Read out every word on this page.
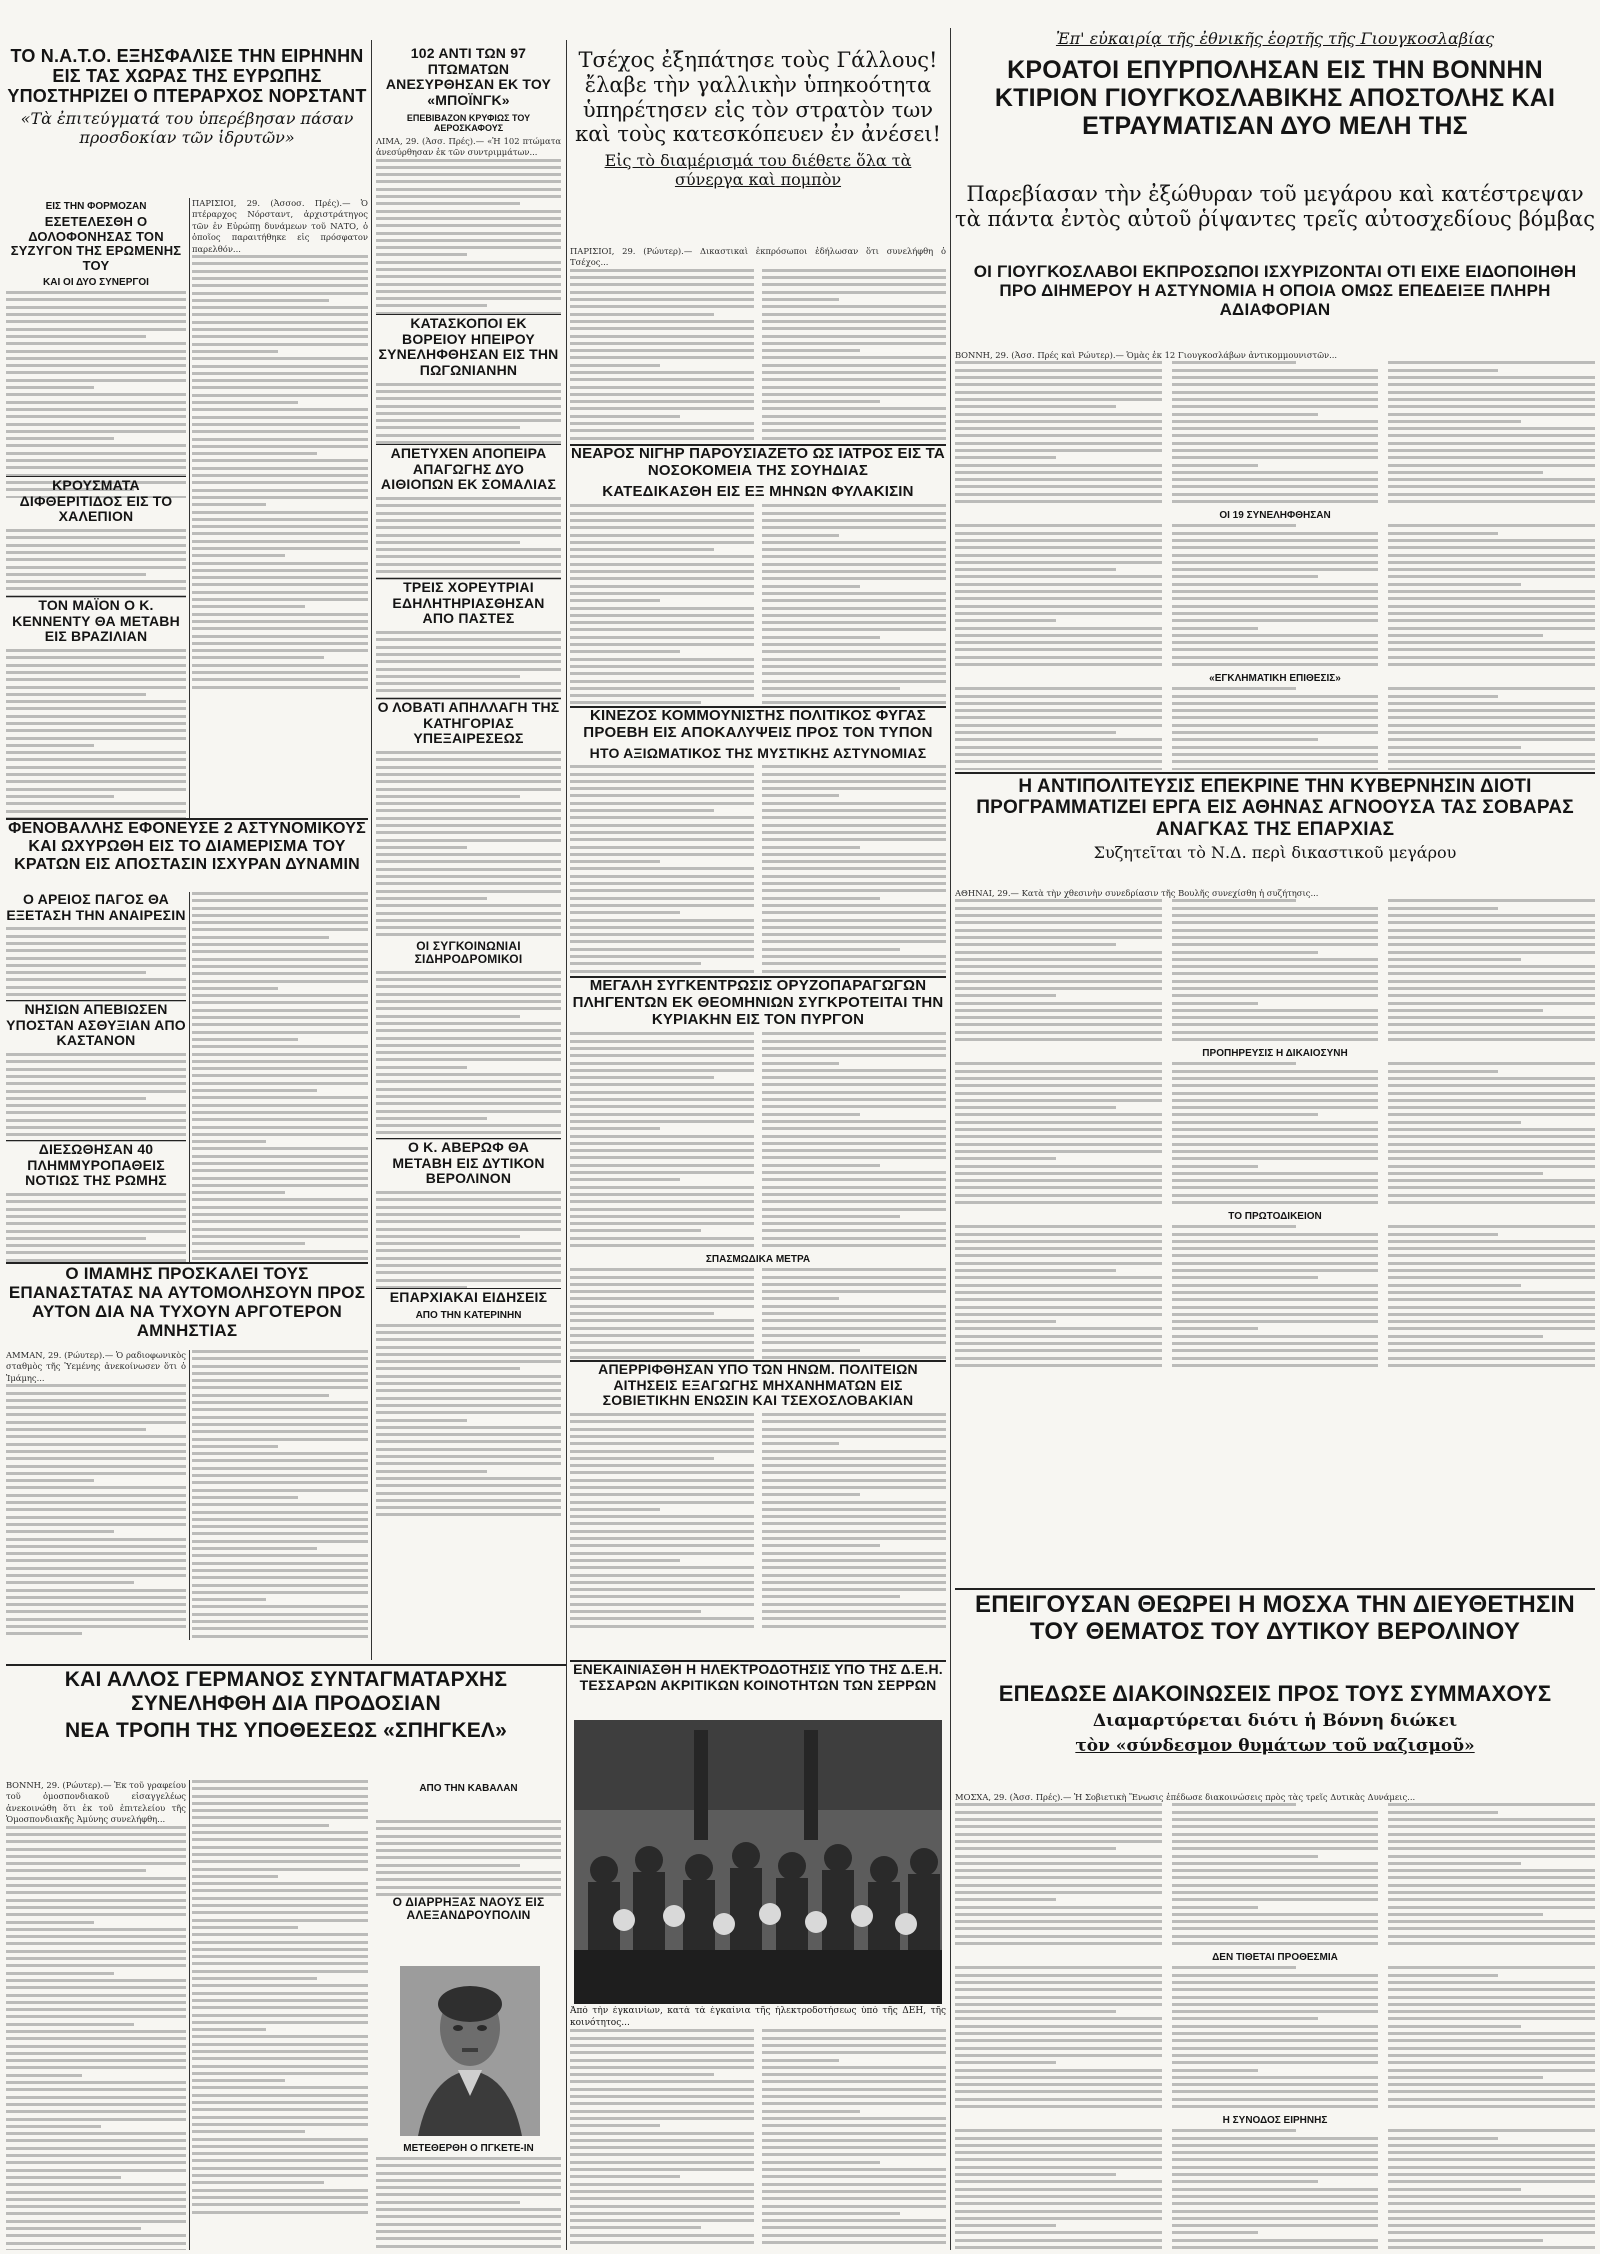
ΤΟ Ν.Α.Τ.Ο. ΕΞΗΣΦΑΛΙΣΕ ΤΗΝ ΕΙΡΗΝΗΝ ΕΙΣ ΤΑΣ ΧΩΡΑΣ ΤΗΣ ΕΥΡΩΠΗΣ ΥΠΟΣΤΗΡΙΖΕΙ Ο ΠΤΕΡΑΡΧΟΣ ΝΟΡΣΤΑΝΤ
«Τὰ ἐπιτεύγματά του ὑπερέβησαν πάσαν προσδοκίαν τῶν ἱδρυτῶν»
ΕΙΣ ΤΗΝ ΦΟΡΜΟΖΑΝ
ΕΣΕΤΕΛΕΣΘΗ Ο ΔΟΛΟΦΟΝΗΣΑΣ ΤΟΝ ΣΥΖΥΓΟΝ ΤΗΣ ΕΡΩΜΕΝΗΣ ΤΟΥ
ΚΑΙ ΟΙ ΔΥΟ ΣΥΝΕΡΓΟΙ
ΠΑΡΙΣΙΟΙ, 29. (Ἀσσοσ. Πρές).— Ὁ πτέραρχος Νόρσταντ, ἀρχιστράτηγος τῶν ἐν Εὐρώπῃ δυνάμεων τοῦ ΝΑΤΟ, ὁ ὁποῖος παραιτήθηκε εἰς πρόσφατον παρελθόν...
ΚΡΟΥΣΜΑΤΑ ΔΙΦΘΕΡΙΤΙΔΟΣ ΕΙΣ ΤΟ ΧΑΛΕΠΙΟΝ
ΤΟΝ ΜΑΪΟΝ Ο Κ. ΚΕΝΝΕΝΤΥ ΘΑ ΜΕΤΑΒΗ ΕΙΣ ΒΡΑΖΙΛΙΑΝ
ΦΕΝΟΒΑΛΛΗΣ ΕΦΟΝΕΥΣΕ 2 ΑΣΤΥΝΟΜΙΚΟΥΣ ΚΑΙ ΩΧΥΡΩΘΗ ΕΙΣ ΤΟ ΔΙΑΜΕΡΙΣΜΑ ΤΟΥ ΚΡΑΤΩΝ ΕΙΣ ΑΠΟΣΤΑΣΙΝ ΙΣΧΥΡΑΝ ΔΥΝΑΜΙΝ
Ο ΑΡΕΙΟΣ ΠΑΓΟΣ ΘΑ ΕΞΕΤΑΣΗ ΤΗΝ ΑΝΑΙΡΕΣΙΝ
ΝΗΣΙΩΝ ΑΠΕΒΙΩΣΕΝ ΥΠΟΣΤΑΝ ΑΣΘΥΞΙΑΝ ΑΠΟ ΚΑΣΤΑΝΟΝ
ΔΙΕΣΩΘΗΣΑΝ 40 ΠΛΗΜΜΥΡΟΠΑΘΕΙΣ ΝΟΤΙΩΣ ΤΗΣ ΡΩΜΗΣ
Ο ΙΜΑΜΗΣ ΠΡΟΣΚΑΛΕΙ ΤΟΥΣ ΕΠΑΝΑΣΤΑΤΑΣ ΝΑ ΑΥΤΟΜΟΛΗΣΟΥΝ ΠΡΟΣ ΑΥΤΟΝ ΔΙΑ ΝΑ ΤΥΧΟΥΝ ΑΡΓΟΤΕΡΟΝ ΑΜΝΗΣΤΙΑΣ
ΑΜΜΑΝ, 29. (Ρώυτερ).— Ὁ ραδιοφωνικὸς σταθμὸς τῆς Ὑεμένης ἀνεκοίνωσεν ὅτι ὁ Ἰμάμης...
ΚΑΙ ΑΛΛΟΣ ΓΕΡΜΑΝΟΣ ΣΥΝΤΑΓΜΑΤΑΡΧΗΣ ΣΥΝΕΛΗΦΘΗ ΔΙΑ ΠΡΟΔΟΣΙΑΝ
ΝΕΑ ΤΡΟΠΗ ΤΗΣ ΥΠΟΘΕΣΕΩΣ «ΣΠΗΓΚΕΛ»
ΒΟΝΝΗ, 29. (Ρώυτερ).— Ἐκ τοῦ γραφείου τοῦ ὁμοσπονδιακοῦ εἰσαγγελέως ἀνεκοινώθη ὅτι ἐκ τοῦ ἐπιτελείου τῆς Ὁμοσπονδιακῆς Ἀμύνης συνελήφθη...
102 ΑΝΤΙ ΤΩΝ 97 ΠΤΩΜΑΤΩΝ ΑΝΕΣΥΡΘΗΣΑΝ ΕΚ ΤΟΥ «ΜΠΟΪΝΓΚ»
ΕΠΕΒΙΒΑΖΟΝ ΚΡΥΦΙΩΣ ΤΟΥ ΑΕΡΟΣΚΑΦΟΥΣ
ΛΙΜΑ, 29. (Ἀσσ. Πρές).— «Ἡ 102 πτώματα ἀνεσύρθησαν ἐκ τῶν συντριμμάτων...
ΚΑΤΑΣΚΟΠΟΙ ΕΚ ΒΟΡΕΙΟΥ ΗΠΕΙΡΟΥ ΣΥΝΕΛΗΦΘΗΣΑΝ ΕΙΣ ΤΗΝ ΠΩΓΩΝΙΑΝΗΝ
ΑΠΕΤΥΧΕΝ ΑΠΟΠΕΙΡΑ ΑΠΑΓΩΓΗΣ ΔΥΟ ΑΙΘΙΟΠΩΝ ΕΚ ΣΟΜΑΛΙΑΣ
ΤΡΕΙΣ ΧΟΡΕΥΤΡΙΑΙ ΕΔΗΛΗΤΗΡΙΑΣΘΗΣΑΝ ΑΠΟ ΠΑΣΤΕΣ
Ο ΛΟΒΑΤΙ ΑΠΗΛΛΑΓΗ ΤΗΣ ΚΑΤΗΓΟΡΙΑΣ ΥΠΕΞΑΙΡΕΣΕΩΣ
ΟΙ ΣΥΓΚΟΙΝΩΝΙΑΙ ΣΙΔΗΡΟΔΡΟΜΙΚΟΙ
Ο Κ. ΑΒΕΡΩΦ ΘΑ ΜΕΤΑΒΗ ΕΙΣ ΔΥΤΙΚΟΝ ΒΕΡΟΛΙΝΟΝ
ΕΠΑΡΧΙΑΚΑΙ ΕΙΔΗΣΕΙΣ
ΑΠΟ ΤΗΝ ΚΑΤΕΡΙΝΗΝ
ΑΠΟ ΤΗΝ ΚΑΒΑΛΑΝ
Ο ΔΙΑΡΡΗΞΑΣ ΝΑΟΥΣ ΕΙΣ ΑΛΕΞΑΝΔΡΟΥΠΟΛΙΝ
ΜΕΤΕΘΕΡΘΗ Ο ΠΓΚΕΤΕ-ΙΝ
Τσέχος ἐξηπάτησε τοὺς Γάλλους! ἔλαβε τὴν γαλλικὴν ὑπηκοότητα ὑπηρέτησεν εἰς τὸν στρατὸν των καὶ τοὺς κατεσκόπευεν ἐν ἀνέσει!
Εἰς τὸ διαμέρισμά του διέθετε ὅλα τὰ σύνεργα καὶ πομπὸν
ΠΑΡΙΣΙΟΙ, 29. (Ρώυτερ).— Δικαστικαὶ ἐκπρόσωποι ἐδήλωσαν ὅτι συνελήφθη ὁ Τσέχος...
ΝΕΑΡΟΣ ΝΙΓΗΡ ΠΑΡΟΥΣΙΑΖΕΤΟ ΩΣ ΙΑΤΡΟΣ ΕΙΣ ΤΑ ΝΟΣΟΚΟΜΕΙΑ ΤΗΣ ΣΟΥΗΔΙΑΣ
ΚΑΤΕΔΙΚΑΣΘΗ ΕΙΣ ΕΞ ΜΗΝΩΝ ΦΥΛΑΚΙΣΙΝ
ΚΙΝΕΖΟΣ ΚΟΜΜΟΥΝΙΣΤΗΣ ΠΟΛΙΤΙΚΟΣ ΦΥΓΑΣ ΠΡΟΕΒΗ ΕΙΣ ΑΠΟΚΑΛΥΨΕΙΣ ΠΡΟΣ ΤΟΝ ΤΥΠΟΝ
ΗΤΟ ΑΞΙΩΜΑΤΙΚΟΣ ΤΗΣ ΜΥΣΤΙΚΗΣ ΑΣΤΥΝΟΜΙΑΣ
ΜΕΓΑΛΗ ΣΥΓΚΕΝΤΡΩΣΙΣ ΟΡΥΖΟΠΑΡΑΓΩΓΩΝ ΠΛΗΓΕΝΤΩΝ ΕΚ ΘΕΟΜΗΝΙΩΝ ΣΥΓΚΡΟΤΕΙΤΑΙ ΤΗΝ ΚΥΡΙΑΚΗΝ ΕΙΣ ΤΟΝ ΠΥΡΓΟΝ
ΣΠΑΣΜΩΔΙΚΑ ΜΕΤΡΑ
ΑΠΕΡΡΙΦΘΗΣΑΝ ΥΠΟ ΤΩΝ ΗΝΩΜ. ΠΟΛΙΤΕΙΩΝ ΑΙΤΗΣΕΙΣ ΕΞΑΓΩΓΗΣ ΜΗΧΑΝΗΜΑΤΩΝ ΕΙΣ ΣΟΒΙΕΤΙΚΗΝ ΕΝΩΣΙΝ ΚΑΙ ΤΣΕΧΟΣΛΟΒΑΚΙΑΝ
ΕΝΕΚΑΙΝΙΑΣΘΗ Η ΗΛΕΚΤΡΟΔΟΤΗΣΙΣ ΥΠΟ ΤΗΣ Δ.Ε.Η. ΤΕΣΣΑΡΩΝ ΑΚΡΙΤΙΚΩΝ ΚΟΙΝΟΤΗΤΩΝ ΤΩΝ ΣΕΡΡΩΝ
Ἀπὸ τὴν ἐγκαινίων, κατὰ τὰ ἐγκαίνια τῆς ἠλεκτροδοτήσεως ὑπὸ τῆς ΔΕΗ, τῆς κοινότητος...
Ἐπ' εὐκαιρίᾳ τῆς ἐθνικῆς ἑορτῆς τῆς Γιουγκοσλαβίας
ΚΡΟΑΤΟΙ ΕΠΥΡΠΟΛΗΣΑΝ ΕΙΣ ΤΗΝ ΒΟΝΝΗΝ ΚΤΙΡΙΟΝ ΓΙΟΥΓΚΟΣΛΑΒΙΚΗΣ ΑΠΟΣΤΟΛΗΣ ΚΑΙ ΕΤΡΑΥΜΑΤΙΣΑΝ ΔΥΟ ΜΕΛΗ ΤΗΣ
Παρεβίασαν τὴν ἐξώθυραν τοῦ μεγάρου καὶ κατέστρεψαν τὰ πάντα ἐντὸς αὐτοῦ ῥίψαντες τρεῖς αὐτοσχεδίους βόμβας
ΟΙ ΓΙΟΥΓΚΟΣΛΑΒΟΙ ΕΚΠΡΟΣΩΠΟΙ ΙΣΧΥΡΙΖΟΝΤΑΙ ΟΤΙ ΕΙΧΕ ΕΙΔΟΠΟΙΗΘΗ ΠΡΟ ΔΙΗΜΕΡΟΥ Η ΑΣΤΥΝΟΜΙΑ Η ΟΠΟΙΑ ΟΜΩΣ ΕΠΕΔΕΙΞΕ ΠΛΗΡΗ ΑΔΙΑΦΟΡΙΑΝ
ΒΟΝΝΗ, 29. (Ἀσσ. Πρές καὶ Ρώυτερ).— Ὁμὰς ἐκ 12 Γιουγκοσλάβων ἀντικομμουνιστῶν...
ΟΙ 19 ΣΥΝΕΛΗΦΘΗΣΑΝ
«ΕΓΚΛΗΜΑΤΙΚΗ ΕΠΙΘΕΣΙΣ»
Η ΑΝΤΙΠΟΛΙΤΕΥΣΙΣ ΕΠΕΚΡΙΝΕ ΤΗΝ ΚΥΒΕΡΝΗΣΙΝ ΔΙΟΤΙ ΠΡΟΓΡΑΜΜΑΤΙΖΕΙ ΕΡΓΑ ΕΙΣ ΑΘΗΝΑΣ ΑΓΝΟΟΥΣΑ ΤΑΣ ΣΟΒΑΡΑΣ ΑΝΑΓΚΑΣ ΤΗΣ ΕΠΑΡΧΙΑΣ
Συζητεῖται τὸ Ν.Δ. περὶ δικαστικοῦ μεγάρου
ΑΘΗΝΑΙ, 29.— Κατὰ τὴν χθεσινὴν συνεδρίασιν τῆς Βουλῆς συνεχίσθη ἡ συζήτησις...
ΠΡΟΠΗΡΕΥΣΙΣ Η ΔΙΚΑΙΟΣΥΝΗ
ΤΟ ΠΡΩΤΟΔΙΚΕΙΟΝ
ΕΠΕΙΓΟΥΣΑΝ ΘΕΩΡΕΙ Η ΜΟΣΧΑ ΤΗΝ ΔΙΕΥΘΕΤΗΣΙΝ ΤΟΥ ΘΕΜΑΤΟΣ ΤΟΥ ΔΥΤΙΚΟΥ ΒΕΡΟΛΙΝΟΥ
ΕΠΕΔΩΣΕ ΔΙΑΚΟΙΝΩΣΕΙΣ ΠΡΟΣ ΤΟΥΣ ΣΥΜΜΑΧΟΥΣ
Διαμαρτύρεται διότι ἡ Βόννη διώκει
τὸν «σύνδεσμον θυμάτων τοῦ ναζισμοῦ»
ΜΟΣΧΑ, 29. (Ἀσσ. Πρές).— Ἡ Σοβιετικὴ Ἕνωσις ἐπέδωσε διακοινώσεις πρὸς τὰς τρεῖς Δυτικὰς Δυνάμεις...
ΔΕΝ ΤΙΘΕΤΑΙ ΠΡΟΘΕΣΜΙΑ
Η ΣΥΝΟΔΟΣ ΕΙΡΗΝΗΣ
